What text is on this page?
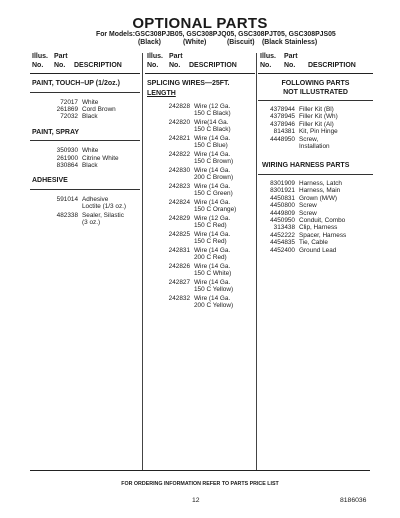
OPTIONAL PARTS
For Models:GSC308PJB05, GSC308PJQ05, GSC308PJT05, GSC308PJS05
(Black)	(White)	(Biscuit) (Black Stainless)
Illus.
No.
Part
No.	DESCRIPTION
PAINT, TOUCH–UP (1/2oz.)
72017 White
261869 Cord Brown
72032 Black
PAINT, SPRAY
350930 White
261900 Citrine White
830864 Black
ADHESIVE
591014 Adhesive
Loctite (1/3 oz.)
482338 Sealer, Silastic
(3 oz.)
Illus.
No.
Part
No.	DESCRIPTION
SPLICING WIRES—25FT.
LENGTH
242828 Wire (12 Ga.
150 C Black)
242820 Wire(14 Ga.
150 C Black)
242821 Wire (14 Ga.
150 C Blue)
242822 Wire (14 Ga.
150 C Brown)
242830 Wire (14 Ga.
200 C Brown)
242823 Wire (14 Ga.
150 C Green)
242824 Wire (14 Ga.
150 C Orange)
242829 Wire (12 Ga.
150 C Red)
242825 Wire (14 Ga.
150 C Red)
242831 Wire (14 Ga.
200 C Red)
242826 Wire (14 Ga.
150 C White)
242827 Wire (14 Ga.
150 C Yellow)
242832 Wire (14 Ga.
200 C Yellow)
Illus.
No.
Part
No.	DESCRIPTION
FOLLOWING PARTS
NOT ILLUSTRATED
4378944 Filler Kit (Bl)
4378945 Filler Kit (Wh)
4378946 Filler Kit (Al)
814381 Kit, Pin Hinge
4448950 Screw,
Installation
WIRING HARNESS PARTS
8301909 Harness, Latch
8301921 Harness, Main
4450831 Grown (M/W)
4450800 Screw
4449809 Screw
4450950 Conduit, Combo
313438 Clip, Harness
4452222 Spacer, Harness
4454835 Tie, Cable
4452400 Ground Lead
FOR ORDERING INFORMATION REFER TO PARTS PRICE LIST
12	8186036
